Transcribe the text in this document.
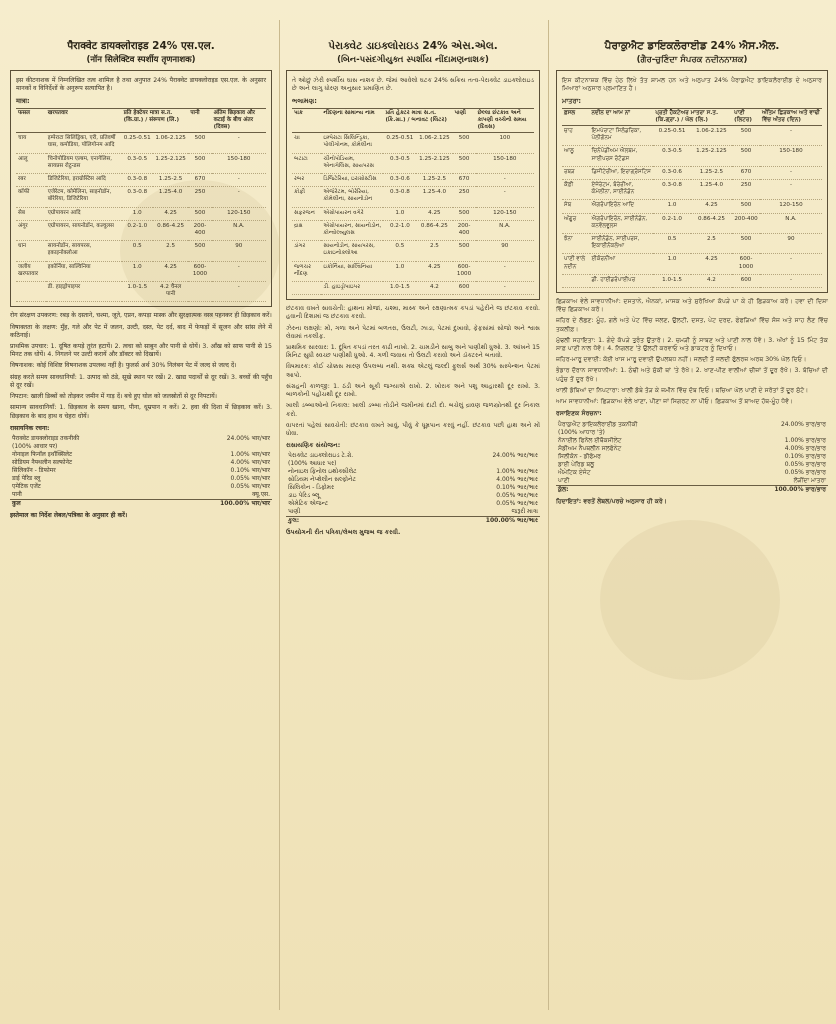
पैराक्वेट डायक्लोराइड 24% एस.एल.
(नॉन सिलेक्टिव स्पर्शीय तृणनाशक)
इस कीटनाशक में निम्नलिखित तत्व शामिल है तथा अनुपात 24% पैराक्वेट डायक्लोराइड एस.एल. के अनुसार मानकों व विनिर्देशों के अनुरूप सत्यापित है।
मात्रा:
फसल	खरपतवार	प्रति हेक्टेयर मात्रा स.त. (कि.ग्रा.) / संरूपण (लि.)		पानी	अंतिम छिड़काव और कटाई के बीच अंतर (दिवस)
चाय	इम्पेराटा सिलिंड्रिका, एरी, प्रतिवर्षी घास, कमोडिया, पोलिगोनम आदि	0.25-0.51	1.06-2.125	500	-
आलू	चिनोपोडियम एल्बम, एनागेलिस, सायप्रस रोटुन्डस	0.3-0.5	1.25-2.125	500	150-180
रबर	डिजिटेरिया, इराग्रोस्टिस आदि	0.3-0.8	1.25-2.5	670	-
कॉफी	एजेरेटम, कोमेलिना, साइनोडॉन, बोरेरिया, डिजिटेरिया	0.3-0.8	1.25-4.0	250	-
सेब	एग्रोपायरन आदि	1.0	4.25	500	120-150
अंगूर	एग्रोपायरन, सायनोडॉन, कल्वुलस	0.2-1.0	0.86-4.25	200-400	N.A.
धान	सायनोडॉन, सायपरस, इकाइनोक्लोआ	0.5	2.5	500	90
जलीय खरपतवार	इकोर्निया, साल्विनिया	1.0	4.25	600-1000	-
	डी. हाइड्रोपाइपर	1.0-1.5	4.2 चैनल पानी		-
रोग संरक्षण उपकरण: रबड़ के दस्ताने, चश्मा, जूते, एप्रन, कपड़ा मास्क और सुरक्षात्मक वस्त्र पहनकर ही छिड़काव करें।
विषाक्तता के लक्षण: मुँह, गले और पेट में जलन, उल्टी, दस्त, पेट दर्द, बाद में फेफड़ों में सूजन और सांस लेने में कठिनाई।
प्राथमिक उपचार: 1. दूषित कपड़े तुरंत हटायें। 2. त्वचा को साबुन और पानी से धोयें। 3. आँख को साफ पानी से 15 मिनट तक धोयें। 4. निगलने पर उल्टी करायें और डॉक्टर को दिखायें।
विषनाशक: कोई विशिष्ट विषनाशक उपलब्ध नहीं है। फुलर्स अर्थ 30% निलंबन पेट में जल्द से जल्द दें।
संग्रह करते समय सावधानियाँ: 1. उत्पाद को ठंडे, सूखे स्थान पर रखें। 2. खाद्य पदार्थों से दूर रखें। 3. बच्चों की पहुँच से दूर रखें।
निपटान: खाली डिब्बों को तोड़कर जमीन में गाड़ दें। बचे हुए घोल को जलस्रोतों से दूर निपटायें।
सामान्य सावधानियाँ: 1. छिड़काव के समय खाना, पीना, धूम्रपान न करें। 2. हवा की दिशा में छिड़काव करें। 3. छिड़काव के बाद हाथ व चेहरा धोयें।
रासायनिक रचना:
पैराक्वेट डायक्लोराइड तकनीकी	24.00% भार/भार
(100% आधार पर)	
नोनाइल फिनॉल इथॉक्सिलेट	1.00% भार/भार
सोडियम नैफ्थलीन सल्फोनेट	4.00% भार/भार
सिलिकॉन - डिफोमर	0.10% भार/भार
डाई पेरिड ब्लू	0.05% भार/भार
एमेटिक एजेंट	0.05% भार/भार
पानी	क्यू.एस.
कुल	100.00% भार/भार
इस्तेमाल का निर्देश लेबल/पत्रिका के अनुसार ही करें।
પેરાક્વેટ ડાઇક્લોરાઇડ 24% એસ.એલ.
(બિન-પસંદગીયુક્ત સ્પર્શીય નીંદામણનાશક)
તે ઓછું ઝેરી સ્પર્શીય ઘાસ નાશક છે. જેમાં આવેલો ઘટક 24% સક્રિય તત્વ-પેરાક્વેટ ડાઇક્લોરાઇડ છે અને લાગુ ધોરણ અનુસાર પ્રમાણિત છે.
ભલામણ:
પાક	નીંદણના સામાન્ય નામ	પ્રતિ હેક્ટર માત્રા સ.ત. (કિ.ગ્રા.) / બનાવટ (લિટર)		પાણી	છેલ્લા છંટકાવ અને કાપણી વચ્ચેનો સમય (દિવસ)
ચા	ઇમ્પેરાટા સિલિન્ડ્રિકા, પોલીગોનમ, કોમેલીના	0.25-0.51	1.06-2.125	500	100
બટાટા	ચીનોપોડિયમ, એનાગેલિસ, સાયપરસ	0.3-0.5	1.25-2.125	500	150-180
રબર	ડિજિટેરિયા, ઇરાગ્રોસ્ટીસ	0.3-0.6	1.25-2.5	670	-
કોફી	એજેરેટમ, બોરેરિયા, કોમેલીના, સાયનોડોન	0.3-0.8	1.25-4.0	250	-
સફરજન	એગ્રોપાયરન વગેરે	1.0	4.25	500	120-150
દ્રાક્ષ	એગ્રોપાયરન, સાયનોડોન, કોન્વોલ્વ્યુલસ	0.2-1.0	0.86-4.25	200-400	N.A.
ડાંગર	સાયનોડોન, સાયપરસ, ઇકાઇનોક્લોઆ	0.5	2.5	500	90
જળચર નીંદણ	ઇકોર્નિયા, સાલ્વિનિયા	1.0	4.25	600-1000	-
	ડી. હાઇડ્રોપાઇપર	1.0-1.5	4.2	600	-
છંટકાવ વખતે સાવચેતી: હાથના મોજાં, ચશ્મા, માસ્ક અને રક્ષણાત્મક કપડાં પહેરીને જ છંટકાવ કરવો. હવાની દિશામાં જ છંટકાવ કરવો.
ઝેરના લક્ષણો: મોં, ગળા અને પેટમાં બળતરા, ઉલટી, ઝાડા, પેટમાં દુખાવો, ફેફસાંમાં સોજો અને શ્વાસ લેવામાં તકલીફ.
પ્રાથમિક સારવાર: 1. દૂષિત કપડાં તરત કાઢી નાખો. 2. ચામડીને સાબુ અને પાણીથી ધુઓ. 3. આંખને 15 મિનિટ સુધી સ્વચ્છ પાણીથી ધુઓ. 4. ગળી જવાય તો ઉલટી કરાવો અને ડૉક્ટરને બતાવો.
વિષમારક: કોઈ ચોક્કસ મારણ ઉપલબ્ધ નથી. શક્ય એટલું જલ્દી ફુલર્સ અર્થ 30% સસ્પેન્શન પેટમાં આપો.
સંગ્રહની કાળજી: 1. ઠંડી અને સૂકી જગ્યાએ રાખો. 2. ખોરાક અને પશુ આહારથી દૂર રાખો. 3. બાળકોની પહોંચથી દૂર રાખો.
ખાલી ડબ્બાઓનો નિકાલ: ખાલી ડબ્બા તોડીને જમીનમાં દાટી દો. બચેલું દ્રાવણ જળસ્ત્રોતથી દૂર નિકાલ કરો.
વાપરતાં પહેલાં સાવચેતી: છંટકાવ વખતે ખાવું, પીવું કે ધૂમ્રપાન કરવું નહીં. છંટકાવ પછી હાથ અને મોં ધોવા.
રાસાયણિક સંયોજન:
પેરાક્વેટ ડાઇક્લોરાઇડ ટે.ગ્રે.	24.00% ભાર/ભાર
(100% આધાર પર)	
નોનાઇલ ફિનોલ ઇથોક્સીલેટ	1.00% ભાર/ભાર
સોડિયમ નેપ્થેલીન સલ્ફોનેટ	4.00% ભાર/ભાર
સિલિકોન - ડિફોમર	0.10% ભાર/ભાર
ડાઇ પેરિડ બ્લૂ	0.05% ભાર/ભાર
એમેટિક એજન્ટ	0.05% ભાર/ભાર
પાણી	જરૂરી માત્રા
કુલ:	100.00% ભાર/ભાર
ઉપયોગની રીત પત્રિકા/લેબલ મુજબ જ કરવી.
ਪੈਰਾਕੁਐਟ ਡਾਇਕਲੋਰਾਈਡ 24% ਐਸ.ਐਲ.
(ਗੈਰ-ਚੁਣਿੰਦਾ ਸੰਪਰਕ ਨਦੀਨਨਾਸ਼ਕ)
ਇਸ ਕੀਟਨਾਸ਼ਕ ਵਿੱਚ ਹੇਠ ਲਿਖੇ ਤੱਤ ਸ਼ਾਮਲ ਹਨ ਅਤੇ ਅਨੁਪਾਤ 24% ਪੈਰਾਕੁਐਟ ਡਾਇਕਲੋਰਾਈਡ ਦੇ ਅਨੁਸਾਰ ਮਿਆਰਾਂ ਅਨੁਸਾਰ ਪ੍ਰਮਾਣਿਤ ਹੈ।
ਮਾਤਰਾ:
ਫ਼ਸਲ	ਨਦੀਨ ਦਾ ਆਮ ਨਾਂ	ਪ੍ਰਤੀ ਹੈਕਟੇਅਰ ਮਾਤਰਾ ਸ.ਤ. (ਕਿ.ਗ੍ਰਾ.) / ਘੋਲ (ਲਿ.)		ਪਾਣੀ (ਲਿਟਰ)	ਅੰਤਿਮ ਛਿੜਕਾਅ ਅਤੇ ਵਾਢੀ ਵਿੱਚ ਅੰਤਰ (ਦਿਨ)
ਚਾਹ	ਇਮਪੇਰਾਟਾ ਸਿਲੰਡਰਿਕਾ, ਪੋਲੀਗੋਨਮ	0.25-0.51	1.06-2.125	500	-
ਆਲੂ	ਚਿਨੋਪੋਡੀਅਮ ਐਲਬਮ, ਸਾਈਪਰਸ ਰੋਟੰਡਸ	0.3-0.5	1.25-2.125	500	150-180
ਰਬੜ	ਡਿਜੀਟੇਰੀਆ, ਇਰਾਗ੍ਰੋਸਟਿਸ	0.3-0.6	1.25-2.5	670	-
ਕੌਫ਼ੀ	ਏਜੇਰੇਟਮ, ਬੋਰੇਰੀਆ, ਕੋਮੇਲੀਨਾ, ਸਾਈਨੋਡੋਨ	0.3-0.8	1.25-4.0	250	-
ਸੇਬ	ਐਗਰੋਪਾਇਰੋਨ ਆਦਿ	1.0	4.25	500	120-150
ਅੰਗੂਰ	ਐਗਰੋਪਾਇਰੋਨ, ਸਾਈਨੋਡੋਨ, ਕਨਵੋਲਵੂਲਸ	0.2-1.0	0.86-4.25	200-400	N.A.
ਝੋਨਾ	ਸਾਈਨੋਡੋਨ, ਸਾਈਪਰਸ, ਇਕਾਈਨੋਕਲੋਆ	0.5	2.5	500	90
ਪਾਣੀ ਵਾਲੇ ਨਦੀਨ	ਈਕੋਰਨੀਆ	1.0	4.25	600-1000	-
	ਡੀ. ਹਾਈਡਰੋਪਾਈਪਰ	1.0-1.5	4.2	600	-
ਛਿੜਕਾਅ ਵੇਲੇ ਸਾਵਧਾਨੀਆਂ: ਦਸਤਾਨੇ, ਐਨਕਾਂ, ਮਾਸਕ ਅਤੇ ਸੁਰੱਖਿਆ ਕੱਪੜੇ ਪਾ ਕੇ ਹੀ ਛਿੜਕਾਅ ਕਰੋ। ਹਵਾ ਦੀ ਦਿਸ਼ਾ ਵਿੱਚ ਛਿੜਕਾਅ ਕਰੋ।
ਜ਼ਹਿਰ ਦੇ ਲੱਛਣ: ਮੂੰਹ, ਗਲੇ ਅਤੇ ਪੇਟ ਵਿੱਚ ਜਲਣ, ਉਲਟੀ, ਦਸਤ, ਪੇਟ ਦਰਦ, ਫੇਫੜਿਆਂ ਵਿੱਚ ਸੋਜ ਅਤੇ ਸਾਹ ਲੈਣ ਵਿੱਚ ਤਕਲੀਫ਼।
ਮੁੱਢਲੀ ਸਹਾਇਤਾ: 1. ਗੰਦੇ ਕੱਪੜੇ ਤੁਰੰਤ ਉਤਾਰੋ। 2. ਚਮੜੀ ਨੂੰ ਸਾਬਣ ਅਤੇ ਪਾਣੀ ਨਾਲ ਧੋਵੋ। 3. ਅੱਖਾਂ ਨੂੰ 15 ਮਿੰਟ ਤੱਕ ਸਾਫ਼ ਪਾਣੀ ਨਾਲ ਧੋਵੋ। 4. ਨਿਗਲਣ 'ਤੇ ਉਲਟੀ ਕਰਵਾਓ ਅਤੇ ਡਾਕਟਰ ਨੂੰ ਦਿਖਾਓ।
ਜ਼ਹਿਰ-ਮਾਰੂ ਦਵਾਈ: ਕੋਈ ਖਾਸ ਮਾਰੂ ਦਵਾਈ ਉਪਲਬਧ ਨਹੀਂ। ਜਲਦੀ ਤੋਂ ਜਲਦੀ ਫੁੱਲਰਜ਼ ਅਰਥ 30% ਘੋਲ ਦਿਓ।
ਭੰਡਾਰ ਦੌਰਾਨ ਸਾਵਧਾਨੀਆਂ: 1. ਠੰਢੀ ਅਤੇ ਸੁੱਕੀ ਥਾਂ 'ਤੇ ਰੱਖੋ। 2. ਖਾਣ-ਪੀਣ ਵਾਲੀਆਂ ਚੀਜ਼ਾਂ ਤੋਂ ਦੂਰ ਰੱਖੋ। 3. ਬੱਚਿਆਂ ਦੀ ਪਹੁੰਚ ਤੋਂ ਦੂਰ ਰੱਖੋ।
ਖਾਲੀ ਡੱਬਿਆਂ ਦਾ ਨਿਪਟਾਰਾ: ਖਾਲੀ ਡੱਬੇ ਤੋੜ ਕੇ ਜ਼ਮੀਨ ਵਿੱਚ ਦੱਬ ਦਿਓ। ਬਚਿਆ ਘੋਲ ਪਾਣੀ ਦੇ ਸਰੋਤਾਂ ਤੋਂ ਦੂਰ ਸੁੱਟੋ।
ਆਮ ਸਾਵਧਾਨੀਆਂ: ਛਿੜਕਾਅ ਵੇਲੇ ਖਾਣਾ, ਪੀਣਾ ਜਾਂ ਸਿਗਰਟ ਨਾ ਪੀਓ। ਛਿੜਕਾਅ ਤੋਂ ਬਾਅਦ ਹੱਥ-ਮੂੰਹ ਧੋਵੋ।
ਰਸਾਇਣਕ ਸੰਰਚਨਾ:
ਪੈਰਾਕੁਐਟ ਡਾਇਕਲੋਰਾਈਡ ਤਕਨੀਕੀ	24.00% ਭਾਰ/ਭਾਰ
(100% ਆਧਾਰ 'ਤੇ)	
ਨੋਨਾਈਲ ਫਿਨੋਲ ਈਥੌਕਸੀਲੇਟ	1.00% ਭਾਰ/ਭਾਰ
ਸੋਡੀਅਮ ਨੈਪਥਲੀਨ ਸਲਫੋਨੇਟ	4.00% ਭਾਰ/ਭਾਰ
ਸਿਲੀਕੋਨ - ਡੀਫੋਮਰ	0.10% ਭਾਰ/ਭਾਰ
ਡਾਈ ਪੇਰਿਡ ਬਲੂ	0.05% ਭਾਰ/ਭਾਰ
ਐਮੇਟਿਕ ਏਜੰਟ	0.05% ਭਾਰ/ਭਾਰ
ਪਾਣੀ	ਲੋੜੀਂਦਾ ਮਾਤਰਾ
ਕੁੱਲ:	100.00% ਭਾਰ/ਭਾਰ
ਹਿਦਾਇਤਾਂ: ਵਰਤੋਂ ਲੇਬਲ/ਪਰਚੇ ਅਨੁਸਾਰ ਹੀ ਕਰੋ।
